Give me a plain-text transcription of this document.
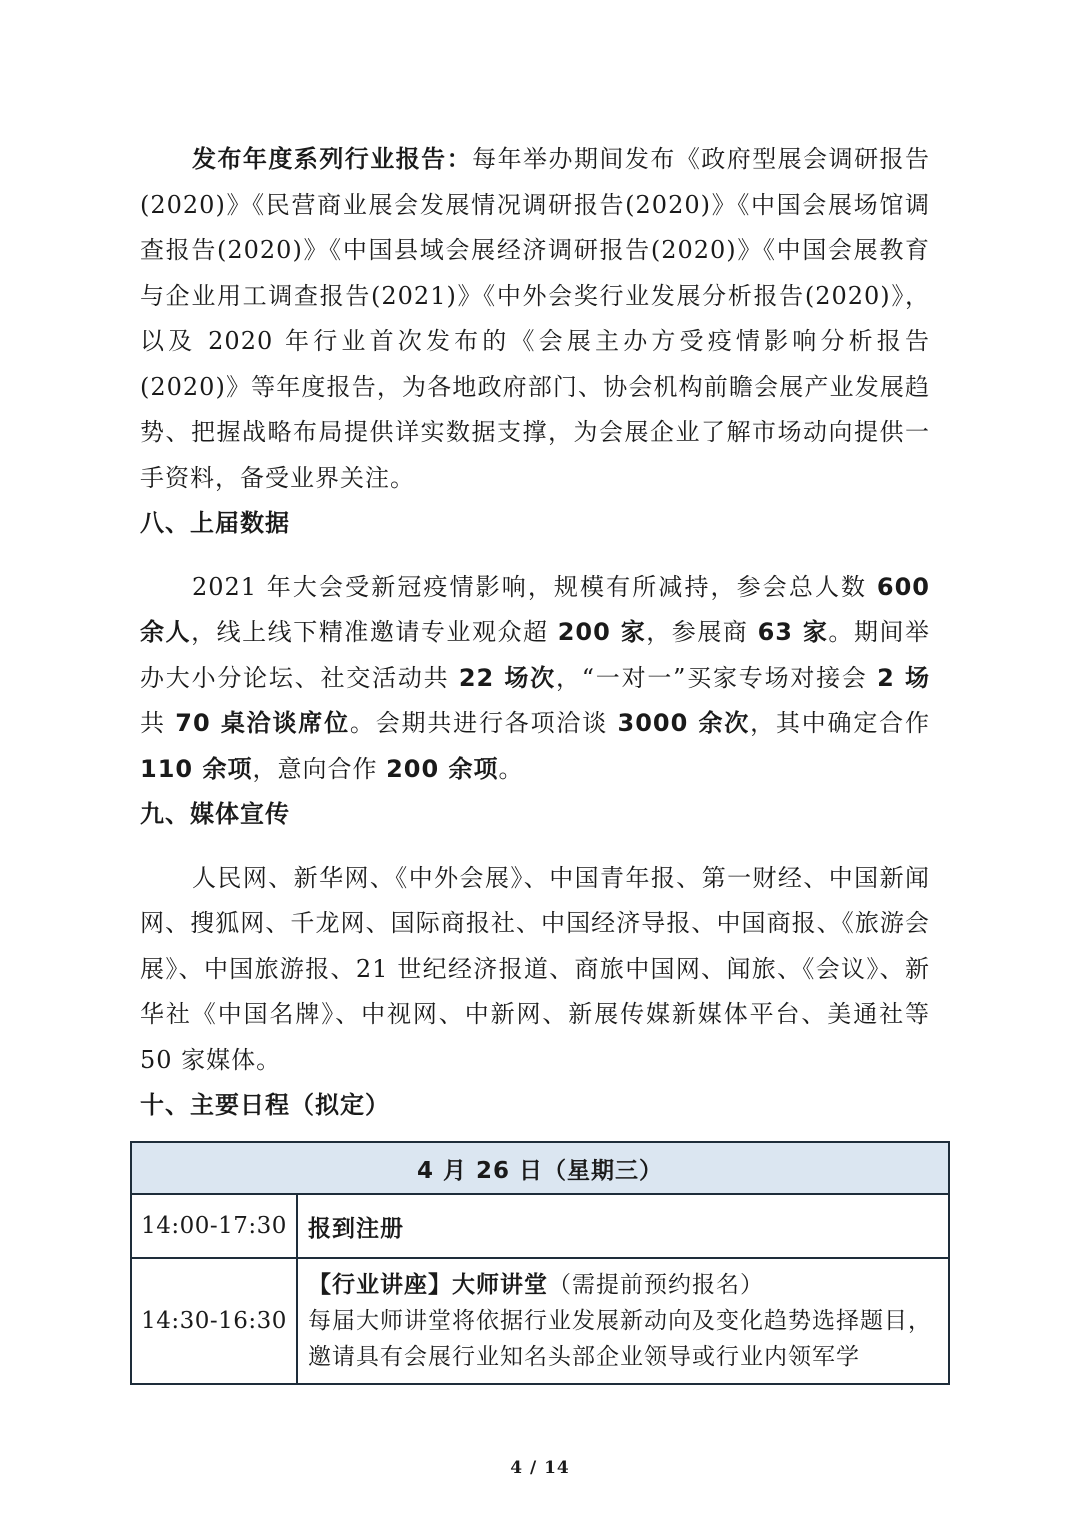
发布年度系列行业报告：每年举办期间发布《政府型展会调研报告(2020)》《民营商业展会发展情况调研报告(2020)》《中国会展场馆调查报告(2020)》《中国县域会展经济调研报告(2020)》《中国会展教育与企业用工调查报告(2021)》《中外会奖行业发展分析报告(2020)》，以及 2020 年行业首次发布的《会展主办方受疫情影响分析报告(2020)》等年度报告，为各地政府部门、协会机构前瞻会展产业发展趋势、把握战略布局提供详实数据支撑，为会展企业了解市场动向提供一手资料，备受业界关注。

八、上届数据

2021 年大会受新冠疫情影响，规模有所减持，参会总人数 600 余人，线上线下精准邀请专业观众超 200 家，参展商 63 家。期间举办大小分论坛、社交活动共 22 场次，“一对一”买家专场对接会 2 场共 70 桌洽谈席位。会期共进行各项洽谈 3000 余次，其中确定合作 110 余项，意向合作 200 余项。

九、媒体宣传

人民网、新华网、《中外会展》、中国青年报、第一财经、中国新闻网、搜狐网、千龙网、国际商报社、中国经济导报、中国商报、《旅游会展》、中国旅游报、21 世纪经济报道、商旅中国网、闻旅、《会议》、新华社《中国名牌》、中视网、中新网、新展传媒新媒体平台、美通社等 50 家媒体。

十、主要日程（拟定）

4 月 26 日（星期三）	
14:00-17:30	报到注册
14:30-16:30	【行业讲座】大师讲堂（需提前预约报名）
每届大师讲堂将依据行业发展新动向及变化趋势选择题目，邀请具有会展行业知名头部企业领导或行业内领军学
4 / 14
